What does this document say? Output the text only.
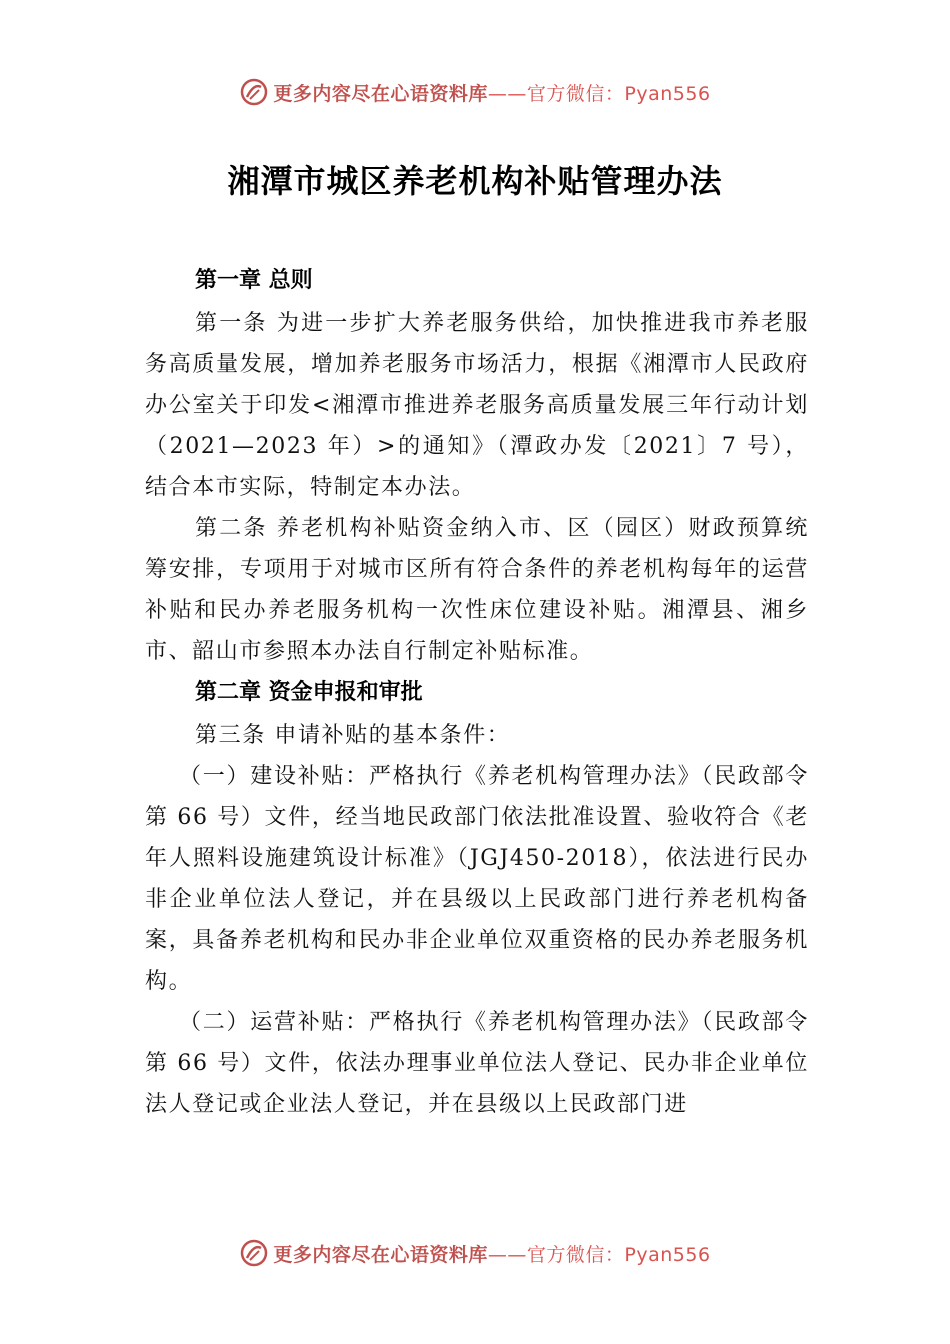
更多内容尽在心语资料库——官方微信：Pyan556
湘潭市城区养老机构补贴管理办法

第一章 总则

第一条 为进一步扩大养老服务供给，加快推进我市养老服务高质量发展，增加养老服务市场活力，根据《湘潭市人民政府办公室关于印发<湘潭市推进养老服务高质量发展三年行动计划（2021—2023 年）>的通知》（潭政办发〔2021〕7 号），结合本市实际，特制定本办法。

第二条 养老机构补贴资金纳入市、区（园区）财政预算统筹安排，专项用于对城市区所有符合条件的养老机构每年的运营补贴和民办养老服务机构一次性床位建设补贴。湘潭县、湘乡市、韶山市参照本办法自行制定补贴标准。

第二章 资金申报和审批

第三条 申请补贴的基本条件：

（一）建设补贴：严格执行《养老机构管理办法》（民政部令第 66 号）文件，经当地民政部门依法批准设置、验收符合《老年人照料设施建筑设计标准》（JGJ450-2018），依法进行民办非企业单位法人登记，并在县级以上民政部门进行养老机构备案，具备养老机构和民办非企业单位双重资格的民办养老服务机构。

（二）运营补贴：严格执行《养老机构管理办法》（民政部令第 66 号）文件，依法办理事业单位法人登记、民办非企业单位法人登记或企业法人登记，并在县级以上民政部门进

更多内容尽在心语资料库——官方微信：Pyan556
